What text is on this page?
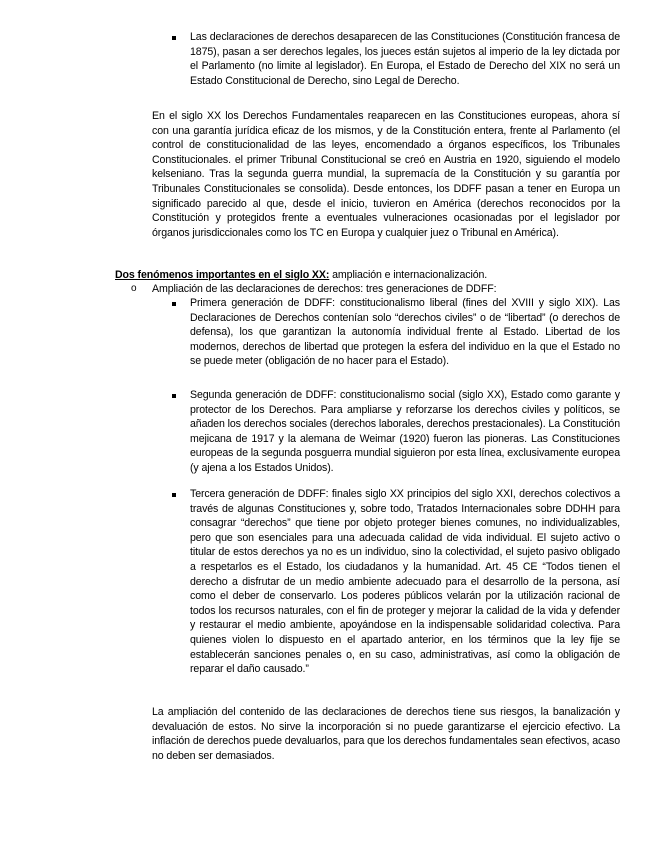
Las declaraciones de derechos desaparecen de las Constituciones (Constitución francesa de 1875), pasan a ser derechos legales, los jueces están sujetos al imperio de la ley dictada por el Parlamento (no limite al legislador). En Europa, el Estado de Derecho del XIX no será un Estado Constitucional de Derecho, sino Legal de Derecho.

En el siglo XX los Derechos Fundamentales reaparecen en las Constituciones europeas, ahora sí con una garantía jurídica eficaz de los mismos, y de la Constitución entera, frente al Parlamento (el control de constitucionalidad de las leyes, encomendado a órganos específicos, los Tribunales Constitucionales. el primer Tribunal Constitucional se creó en Austria en 1920, siguiendo el modelo kelseniano. Tras la segunda guerra mundial, la supremacía de la Constitución y su garantía por Tribunales Constitucionales se consolida). Desde entonces, los DDFF pasan a tener en Europa un significado parecido al que, desde el inicio, tuvieron en América (derechos reconocidos por la Constitución y protegidos frente a eventuales vulneraciones ocasionadas por el legislador por órganos jurisdiccionales como los TC en Europa y cualquier juez o Tribunal en América).

Dos fenómenos importantes en el siglo XX: ampliación e internacionalización.

o Ampliación de las declaraciones de derechos: tres generaciones de DDFF:

Primera generación de DDFF: constitucionalismo liberal (fines del XVIII y siglo XIX). Las Declaraciones de Derechos contenían solo “derechos civiles” o de “libertad” (o derechos de defensa), los que garantizan la autonomía individual frente al Estado. Libertad de los modernos, derechos de libertad que protegen la esfera del individuo en la que el Estado no se puede meter (obligación de no hacer para el Estado).

Segunda generación de DDFF: constitucionalismo social (siglo XX), Estado como garante y protector de los Derechos. Para ampliarse y reforzarse los derechos civiles y políticos, se añaden los derechos sociales (derechos laborales, derechos prestacionales). La Constitución mejicana de 1917 y la alemana de Weimar (1920) fueron las pioneras. Las Constituciones europeas de la segunda posguerra mundial siguieron por esta línea, exclusivamente europea (y ajena a los Estados Unidos).

Tercera generación de DDFF: finales siglo XX principios del siglo XXI, derechos colectivos a través de algunas Constituciones y, sobre todo, Tratados Internacionales sobre DDHH para consagrar “derechos” que tiene por objeto proteger bienes comunes, no individualizables, pero que son esenciales para una adecuada calidad de vida individual. El sujeto activo o titular de estos derechos ya no es un individuo, sino la colectividad, el sujeto pasivo obligado a respetarlos es el Estado, los ciudadanos y la humanidad. Art. 45 CE “Todos tienen el derecho a disfrutar de un medio ambiente adecuado para el desarrollo de la persona, así como el deber de conservarlo. Los poderes públicos velarán por la utilización racional de todos los recursos naturales, con el fin de proteger y mejorar la calidad de la vida y defender y restaurar el medio ambiente, apoyándose en la indispensable solidaridad colectiva. Para quienes violen lo dispuesto en el apartado anterior, en los términos que la ley fije se establecerán sanciones penales o, en su caso, administrativas, así como la obligación de reparar el daño causado.”

La ampliación del contenido de las declaraciones de derechos tiene sus riesgos, la banalización y devaluación de estos. No sirve la incorporación si no puede garantizarse el ejercicio efectivo. La inflación de derechos puede devaluarlos, para que los derechos fundamentales sean efectivos, acaso no deben ser demasiados.
